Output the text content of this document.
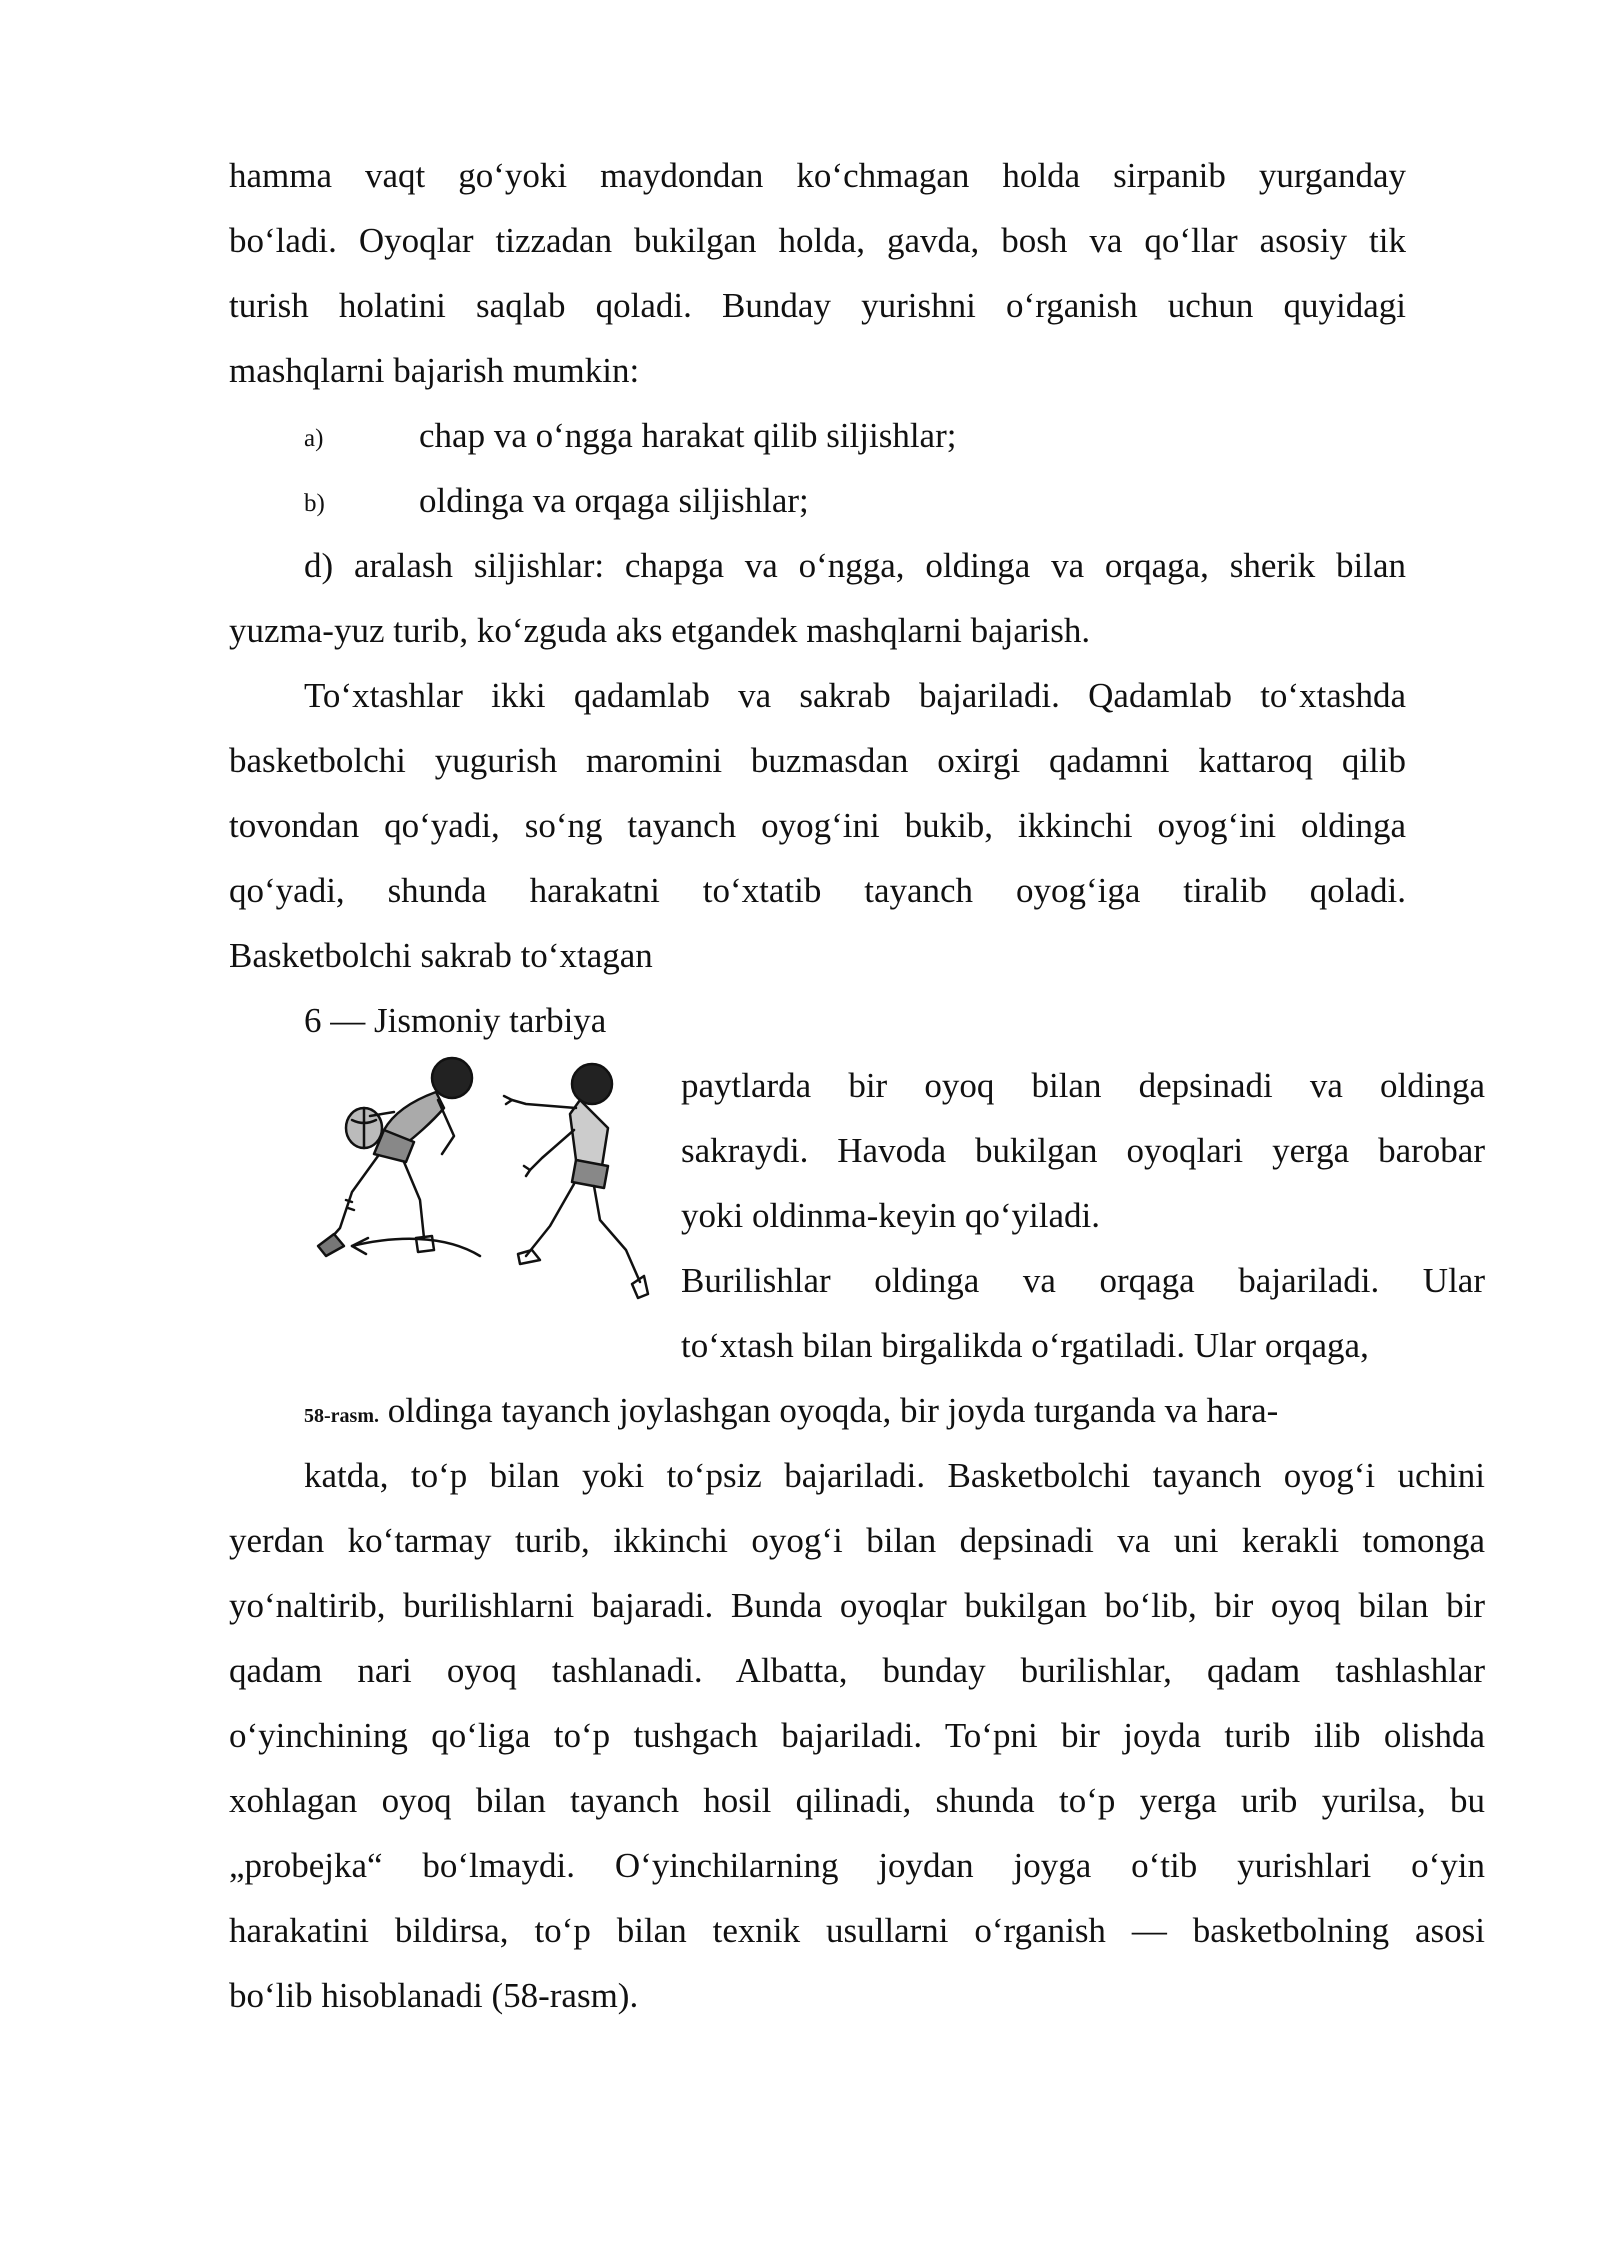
hamma vaqt go‘yoki maydondan ko‘chmagan holda sirpanib yurganday
bo‘ladi. Oyoqlar tizzadan bukilgan holda, gavda, bosh va qo‘llar asosiy tik
turish holatini saqlab qoladi. Bunday yurishni o‘rganish uchun quyidagi
mashqlarni bajarish mumkin:
a)	chap va o‘ngga harakat qilib siljishlar;
b)	oldinga va orqaga siljishlar;
d) aralash siljishlar: chapga va o‘ngga, oldinga va orqaga, sherik bilan
yuzma-yuz turib, ko‘zguda aks etgandek mashqlarni bajarish.
To‘xtashlar ikki qadamlab va sakrab bajariladi. Qadamlab to‘xtashda
basketbolchi yugurish maromini buzmasdan oxirgi qadamni kattaroq qilib
tovondan qo‘yadi, so‘ng tayanch oyog‘ini bukib, ikkinchi oyog‘ini oldinga
qo‘yadi, shunda harakatni to‘xtatib tayanch oyog‘iga tiralib qoladi.
Basketbolchi sakrab to‘xtagan
6 — Jismoniy tarbiya
paytlarda bir oyoq bilan depsinadi va oldinga
sakraydi. Havoda bukilgan oyoqlari yerga barobar
yoki oldinma-keyin qo‘yiladi.
Burilishlar oldinga va orqaga bajariladi. Ular
to‘xtash bilan birgalikda o‘rgatiladi. Ular orqaga,
58-rasm. oldinga tayanch joylashgan oyoqda, bir joyda turganda va hara-
katda, to‘p bilan yoki to‘psiz bajariladi. Basketbolchi tayanch oyog‘i uchini
yerdan ko‘tarmay turib, ikkinchi oyog‘i bilan depsinadi va uni kerakli tomonga
yo‘naltirib, burilishlarni bajaradi. Bunda oyoqlar bukilgan bo‘lib, bir oyoq bilan bir
qadam nari oyoq tashlanadi. Albatta, bunday burilishlar, qadam tashlashlar
o‘yinchining qo‘liga to‘p tushgach bajariladi. To‘pni bir joyda turib ilib olishda
xohlagan oyoq bilan tayanch hosil qilinadi, shunda to‘p yerga urib yurilsa, bu
„probejka“ bo‘lmaydi. O‘yinchilarning joydan joyga o‘tib yurishlari o‘yin
harakatini bildirsa, to‘p bilan texnik usullarni o‘rganish — basketbolning asosi
bo‘lib hisoblanadi (58-rasm).
